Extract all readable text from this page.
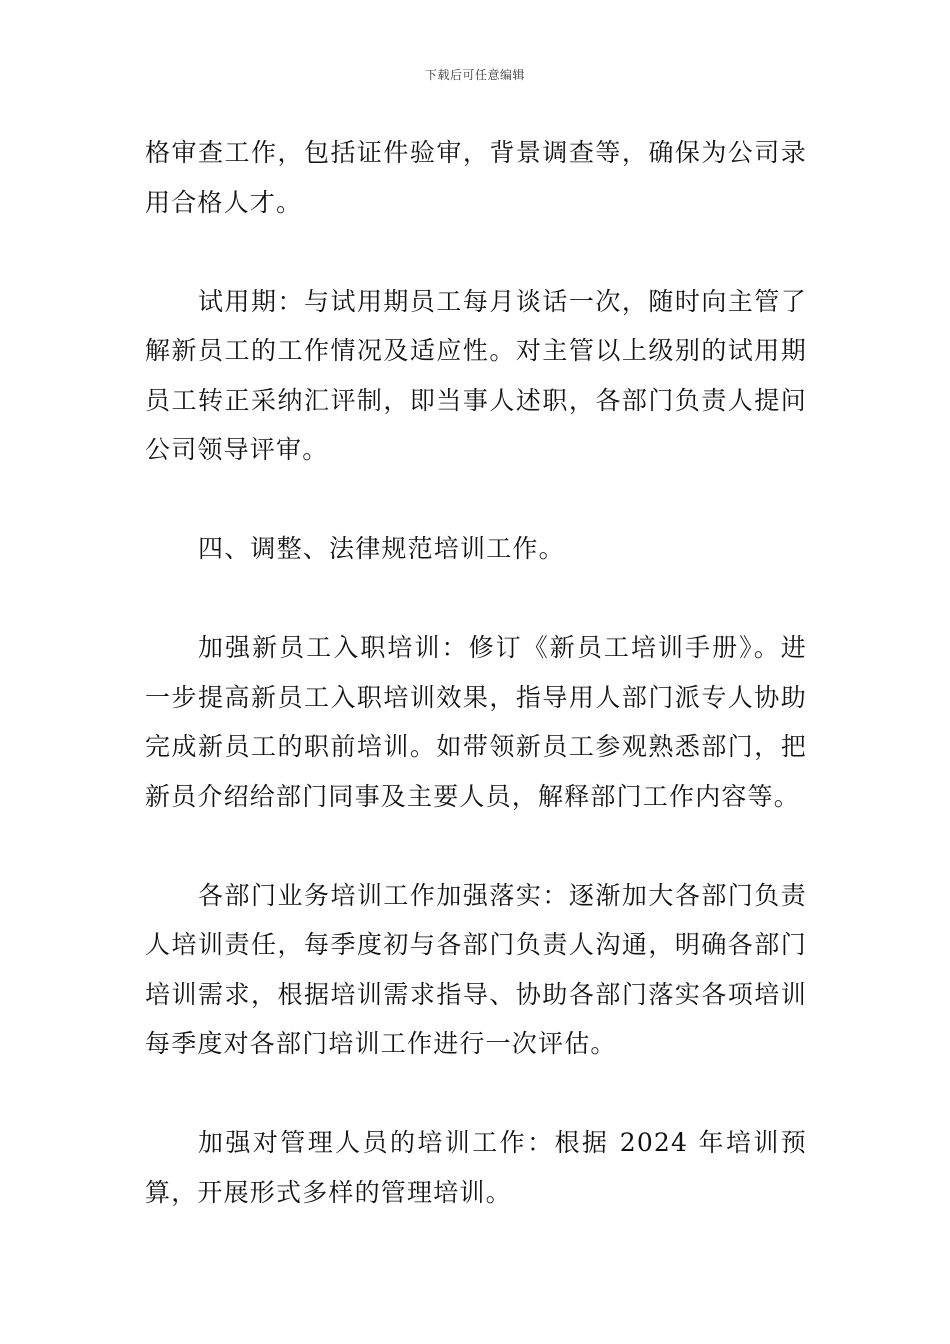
下载后可任意编辑

格审查工作，包括证件验审，背景调查等，确保为公司录用合格人才。

试用期：与试用期员工每月谈话一次，随时向主管了解新员工的工作情况及适应性。对主管以上级别的试用期员工转正采纳汇评制，即当事人述职，各部门负责人提问公司领导评审。

四、调整、法律规范培训工作。

加强新员工入职培训：修订《新员工培训手册》。进一步提高新员工入职培训效果，指导用人部门派专人协助完成新员工的职前培训。如带领新员工参观熟悉部门，把新员介绍给部门同事及主要人员，解释部门工作内容等。

各部门业务培训工作加强落实：逐渐加大各部门负责人培训责任，每季度初与各部门负责人沟通，明确各部门培训需求，根据培训需求指导、协助各部门落实各项培训每季度对各部门培训工作进行一次评估。

加强对管理人员的培训工作：根据 2024 年培训预算，开展形式多样的管理培训。
